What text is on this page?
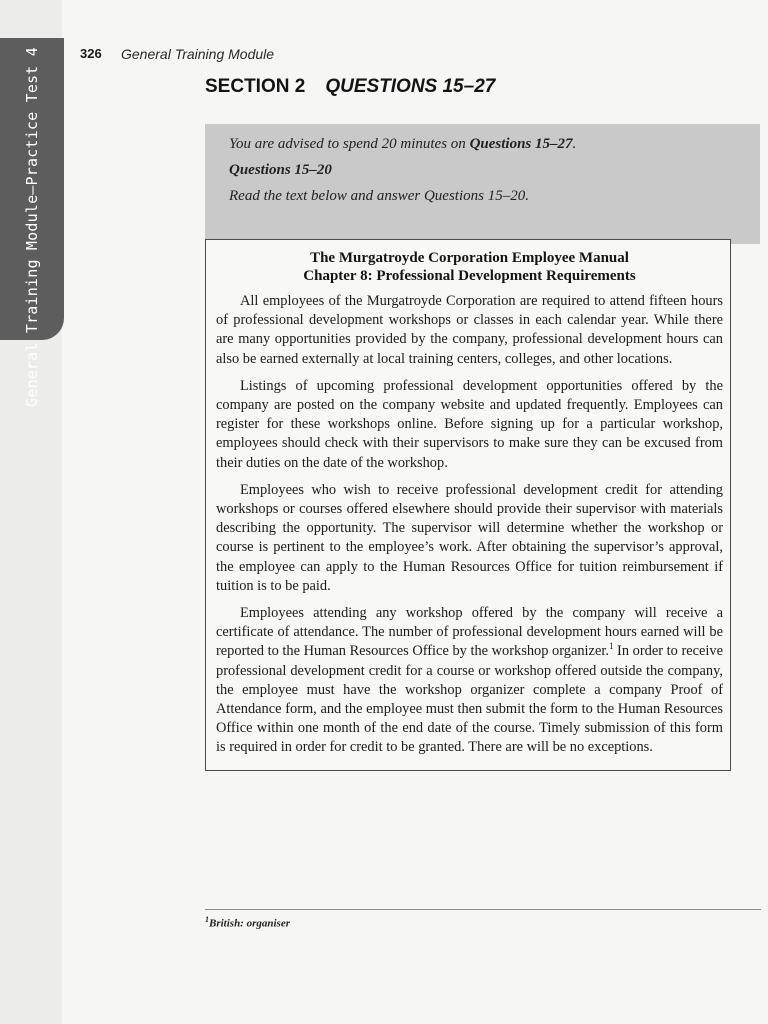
General Training Module–Practice Test 4	326 General Training Module
SECTION 2 QUESTIONS 15–27

You are advised to spend 20 minutes on Questions 15–27.

Questions 15–20

Read the text below and answer Questions 15–20.

The Murgatroyde Corporation Employee Manual

Chapter 8: Professional Development Requirements

All employees of the Murgatroyde Corporation are required to attend fifteen hours of professional development workshops or classes in each calendar year. While there are many opportunities provided by the company, professional development hours can also be earned externally at local training centers, colleges, and other locations.

Listings of upcoming professional development opportunities offered by the company are posted on the company website and updated frequently. Employees can register for these workshops online. Before signing up for a particular workshop, employees should check with their supervisors to make sure they can be excused from their duties on the date of the workshop.

Employees who wish to receive professional development credit for attending workshops or courses offered elsewhere should provide their supervisor with materials describing the opportunity. The supervisor will determine whether the workshop or course is pertinent to the employee’s work. After obtaining the supervisor’s approval, the employee can apply to the Human Resources Office for tuition reimbursement if tuition is to be paid.

Employees attending any workshop offered by the company will receive a certificate of attendance. The number of professional development hours earned will be reported to the Human Resources Office by the workshop organizer.$^1$ In order to receive professional development credit for a course or workshop offered outside the company, the employee must have the workshop organizer complete a company Proof of Attendance form, and the employee must then submit the form to the Human Resources Office within one month of the end date of the course. Timely submission of this form is required in order for credit to be granted. There are will be no exceptions.

$^1$British: organiser
